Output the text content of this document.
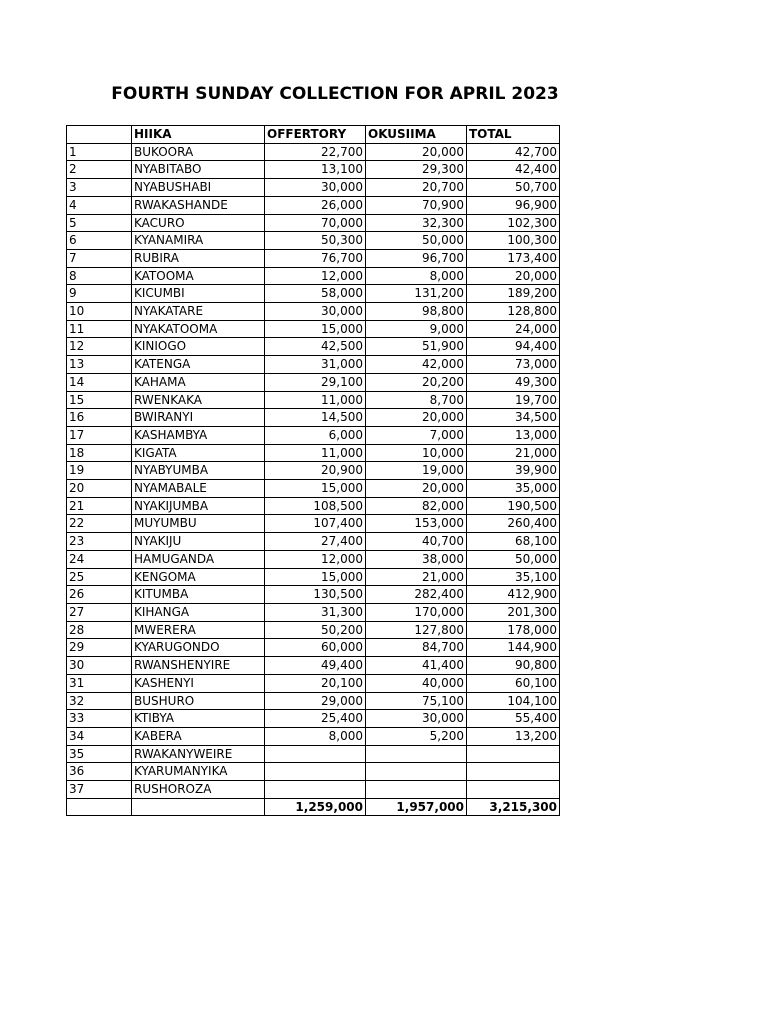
FOURTH SUNDAY COLLECTION FOR APRIL 2023
	HIIKA	OFFERTORY	OKUSIIMA	TOTAL
1	BUKOORA	22,700	20,000	42,700
2	NYABITABO	13,100	29,300	42,400
3	NYABUSHABI	30,000	20,700	50,700
4	RWAKASHANDE	26,000	70,900	96,900
5	KACURO	70,000	32,300	102,300
6	KYANAMIRA	50,300	50,000	100,300
7	RUBIRA	76,700	96,700	173,400
8	KATOOMA	12,000	8,000	20,000
9	KICUMBI	58,000	131,200	189,200
10	NYAKATARE	30,000	98,800	128,800
11	NYAKATOOMA	15,000	9,000	24,000
12	KINIOGO	42,500	51,900	94,400
13	KATENGA	31,000	42,000	73,000
14	KAHAMA	29,100	20,200	49,300
15	RWENKAKA	11,000	8,700	19,700
16	BWIRANYI	14,500	20,000	34,500
17	KASHAMBYA	6,000	7,000	13,000
18	KIGATA	11,000	10,000	21,000
19	NYABYUMBA	20,900	19,000	39,900
20	NYAMABALE	15,000	20,000	35,000
21	NYAKIJUMBA	108,500	82,000	190,500
22	MUYUMBU	107,400	153,000	260,400
23	NYAKIJU	27,400	40,700	68,100
24	HAMUGANDA	12,000	38,000	50,000
25	KENGOMA	15,000	21,000	35,100
26	KITUMBA	130,500	282,400	412,900
27	KIHANGA	31,300	170,000	201,300
28	MWERERA	50,200	127,800	178,000
29	KYARUGONDO	60,000	84,700	144,900
30	RWANSHENYIRE	49,400	41,400	90,800
31	KASHENYI	20,100	40,000	60,100
32	BUSHURO	29,000	75,100	104,100
33	KTIBYA	25,400	30,000	55,400
34	KABERA	8,000	5,200	13,200
35	RWAKANYWEIRE			
36	KYARUMANYIKA			
37	RUSHOROZA			
		1,259,000	1,957,000	3,215,300
